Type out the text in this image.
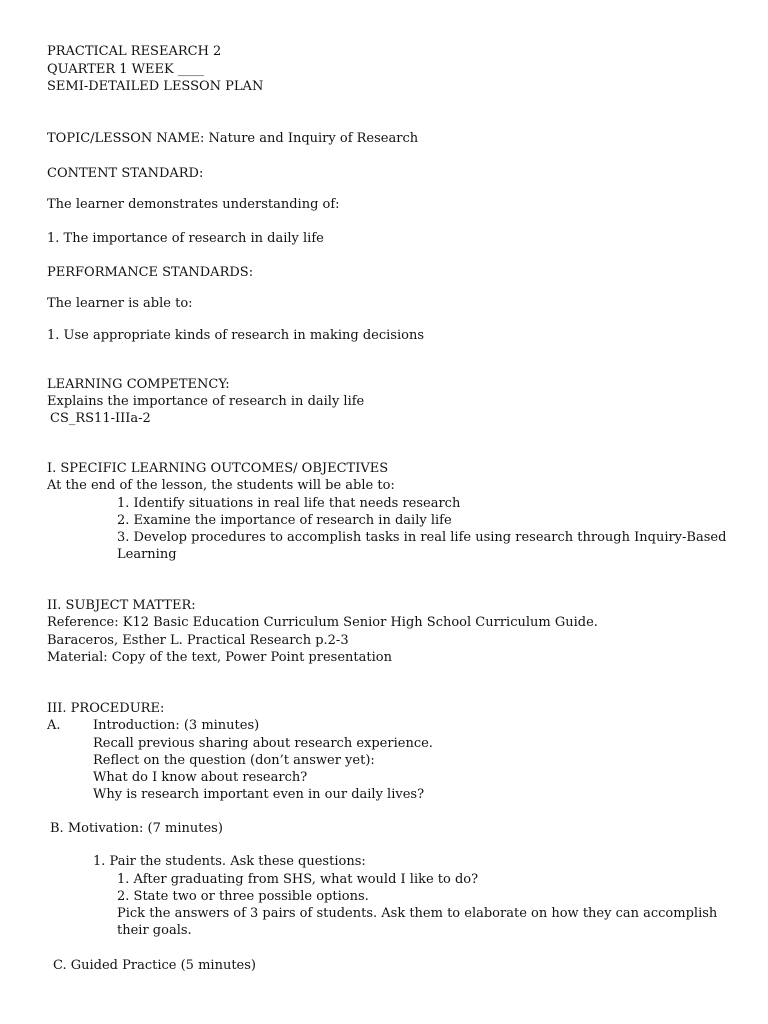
PRACTICAL RESEARCH 2
QUARTER 1 WEEK ____
SEMI-DETAILED LESSON PLAN
TOPIC/LESSON NAME: Nature and Inquiry of Research
CONTENT STANDARD:
The learner demonstrates understanding of:
1. The importance of research in daily life
PERFORMANCE STANDARDS:
The learner is able to:
1. Use appropriate kinds of research in making decisions
LEARNING COMPETENCY:
Explains the importance of research in daily life
CS_RS11-IIIa-2
I. SPECIFIC LEARNING OUTCOMES/ OBJECTIVES
At the end of the lesson, the students will be able to:
1. Identify situations in real life that needs research
2. Examine the importance of research in daily life
3. Develop procedures to accomplish tasks in real life using research through Inquiry-Based
Learning
II. SUBJECT MATTER:
Reference: K12 Basic Education Curriculum Senior High School Curriculum Guide.
Baraceros, Esther L. Practical Research p.2-3
Material: Copy of the text, Power Point presentation
III. PROCEDURE:
A. Introduction: (3 minutes)
Recall previous sharing about research experience.
Reflect on the question (don’t answer yet):
What do I know about research?
Why is research important even in our daily lives?
B. Motivation: (7 minutes)
1. Pair the students. Ask these questions:
1. After graduating from SHS, what would I like to do?
2. State two or three possible options.
Pick the answers of 3 pairs of students. Ask them to elaborate on how they can accomplish
their goals.
C. Guided Practice (5 minutes)
